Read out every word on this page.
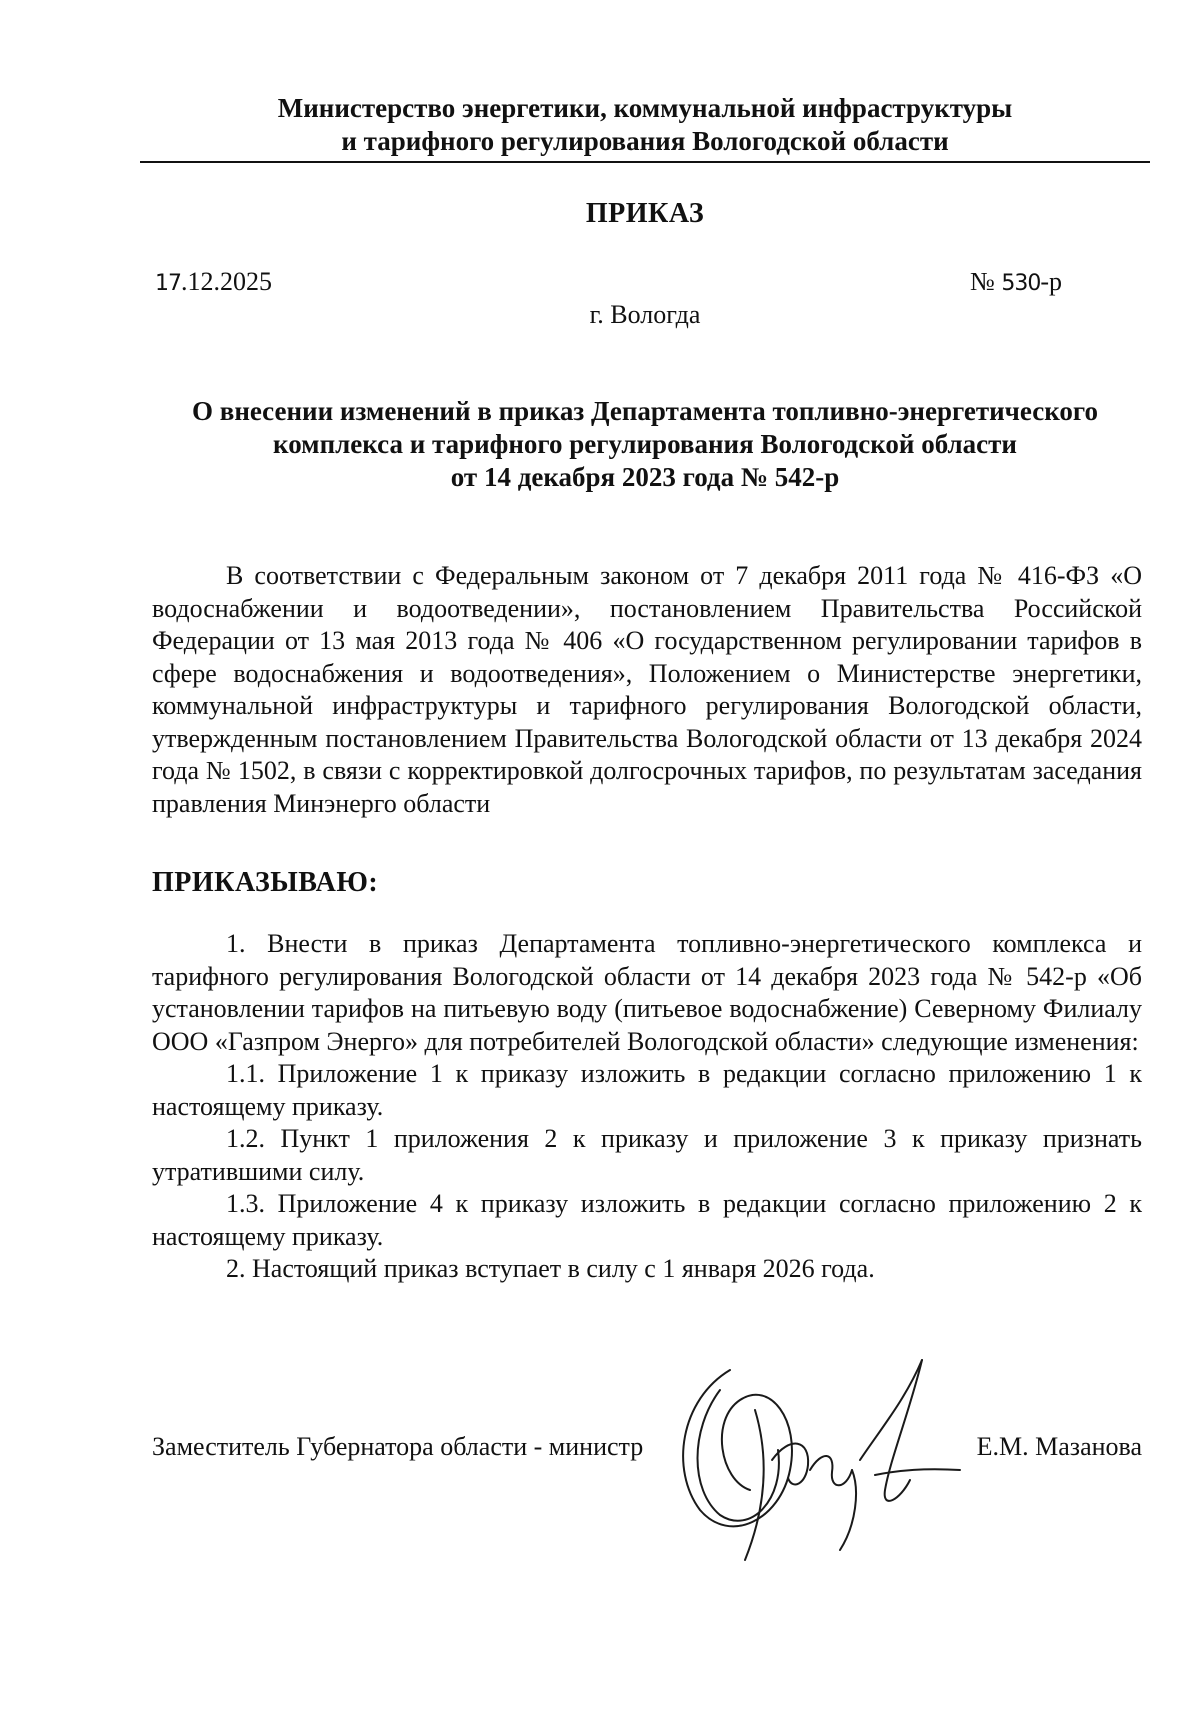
Министерство энергетики, коммунальной инфраструктуры
и тарифного регулирования Вологодской области
ПРИКАЗ
17.12.2025	№ 530-р
г. Вологда
О внесении изменений в приказ Департамента топливно-энергетического
комплекса и тарифного регулирования Вологодской области
от 14 декабря 2023 года № 542-р

В соответствии с Федеральным законом от 7 декабря 2011 года № 416-ФЗ «О водоснабжении и водоотведении», постановлением Правительства Российской Федерации от 13 мая 2013 года № 406 «О государственном регулировании тарифов в сфере водоснабжения и водоотведения», Положением о Министерстве энергетики, коммунальной инфраструктуры и тарифного регулирования Вологодской области, утвержденным постановлением Правительства Вологодской области от 13 декабря 2024 года № 1502, в связи с корректировкой долгосрочных тарифов, по результатам заседания правления Минэнерго области

ПРИКАЗЫВАЮ:

1. Внести в приказ Департамента топливно-энергетического комплекса и тарифного регулирования Вологодской области от 14 декабря 2023 года № 542-р «Об установлении тарифов на питьевую воду (питьевое водоснабжение) Северному Филиалу ООО «Газпром Энерго» для потребителей Вологодской области» следующие изменения:

1.1. Приложение 1 к приказу изложить в редакции согласно приложению 1 к настоящему приказу.

1.2. Пункт 1 приложения 2 к приказу и приложение 3 к приказу признать утратившими силу.

1.3. Приложение 4 к приказу изложить в редакции согласно приложению 2 к настоящему приказу.

2. Настоящий приказ вступает в силу с 1 января 2026 года.

Заместитель Губернатора области - министр	Е.М. Мазанова
